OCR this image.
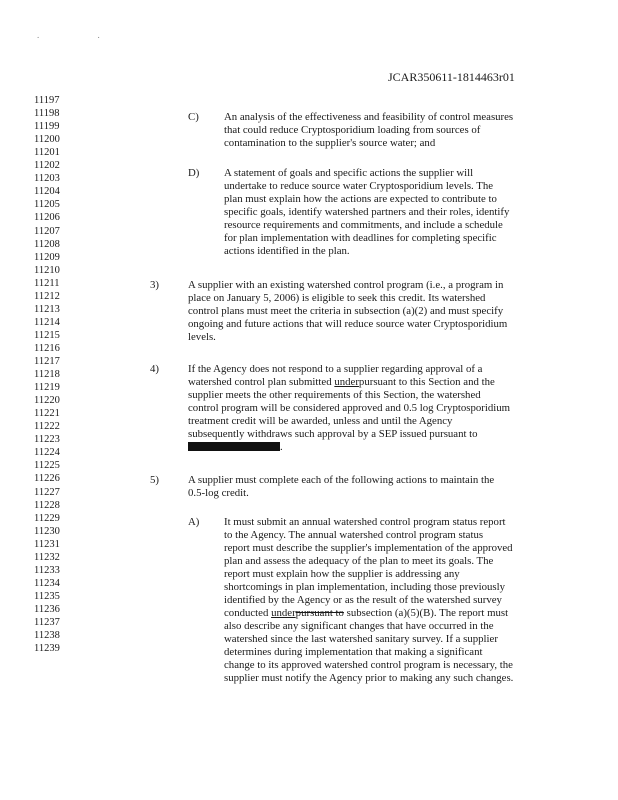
. .
JCAR350611-1814463r01
11197
11198
11199
11200
11201
11202
11203
11204
11205
11206
11207
11208
11209
11210
11211
11212
11213
11214
11215
11216
11217
11218
11219
11220
11221
11222
11223
11224
11225
11226
11227
11228
11229
11230
11231
11232
11233
11234
11235
11236
11237
11238
11239
C) An analysis of the effectiveness and feasibility of control measures
that could reduce Cryptosporidium loading from sources of
contamination to the supplier's source water; and
D) A statement of goals and specific actions the supplier will
undertake to reduce source water Cryptosporidium levels. The
plan must explain how the actions are expected to contribute to
specific goals, identify watershed partners and their roles, identify
resource requirements and commitments, and include a schedule
for plan implementation with deadlines for completing specific
actions identified in the plan.
3)	A supplier with an existing watershed control program (i.e., a program in
place on January 5, 2006) is eligible to seek this credit. Its watershed
control plans must meet the criteria in subsection (a)(2) and must specify
ongoing and future actions that will reduce source water Cryptosporidium
levels.
4)	If the Agency does not respond to a supplier regarding approval of a
watershed control plan submitted underpursuant to this Section and the
supplier meets the other requirements of this Section, the watershed
control program will be considered approved and 0.5 log Cryptosporidium
treatment credit will be awarded, unless and until the Agency
subsequently withdraws such approval by a SEP issued pursuant to
.
5)	A supplier must complete each of the following actions to maintain the
0.5-log credit.
A) It must submit an annual watershed control program status report
to the Agency. The annual watershed control program status
report must describe the supplier's implementation of the approved
plan and assess the adequacy of the plan to meet its goals. The
report must explain how the supplier is addressing any
shortcomings in plan implementation, including those previously
identified by the Agency or as the result of the watershed survey
conducted underpursuant to subsection (a)(5)(B). The report must
also describe any significant changes that have occurred in the
watershed since the last watershed sanitary survey. If a supplier
determines during implementation that making a significant
change to its approved watershed control program is necessary, the
supplier must notify the Agency prior to making any such changes.
